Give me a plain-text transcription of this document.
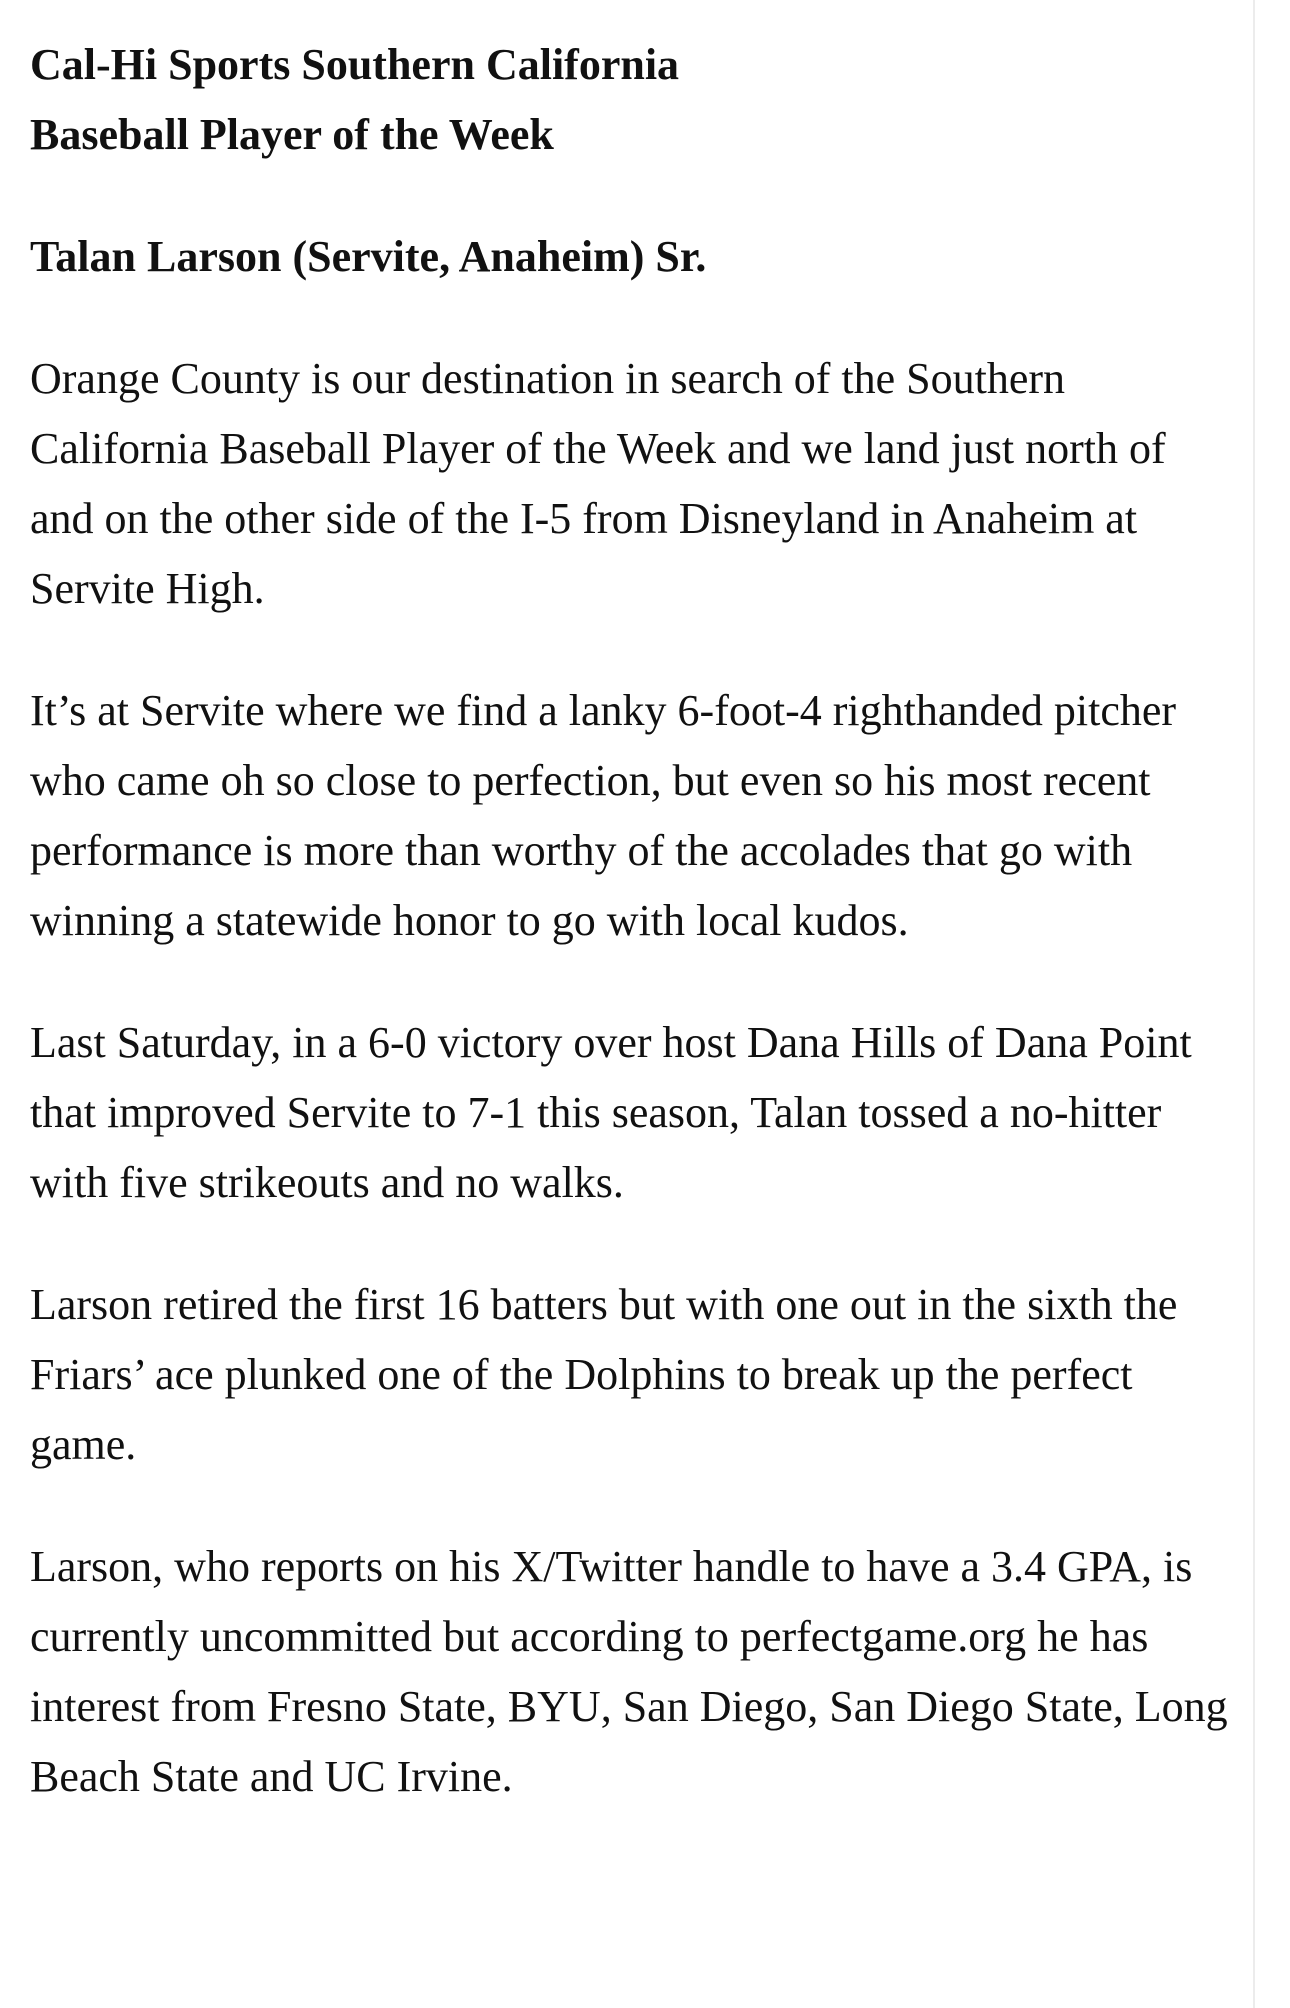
Cal-Hi Sports Southern California
Baseball Player of the Week

Talan Larson (Servite, Anaheim) Sr.

Orange County is our destination in search of the Southern California Baseball Player of the Week and we land just north of and on the other side of the I-5 from Disneyland in Anaheim at Servite High.

It’s at Servite where we find a lanky 6-foot-4 righthanded pitcher who came oh so close to perfection, but even so his most recent performance is more than worthy of the accolades that go with winning a statewide honor to go with local kudos.

Last Saturday, in a 6-0 victory over host Dana Hills of Dana Point that improved Servite to 7-1 this season, Talan tossed a no-hitter with five strikeouts and no walks.

Larson retired the first 16 batters but with one out in the sixth the Friars’ ace plunked one of the Dolphins to break up the perfect game.

Larson, who reports on his X/Twitter handle to have a 3.4 GPA, is currently uncommitted but according to perfectgame.org he has interest from Fresno State, BYU, San Diego, San Diego State, Long Beach State and UC Irvine.
